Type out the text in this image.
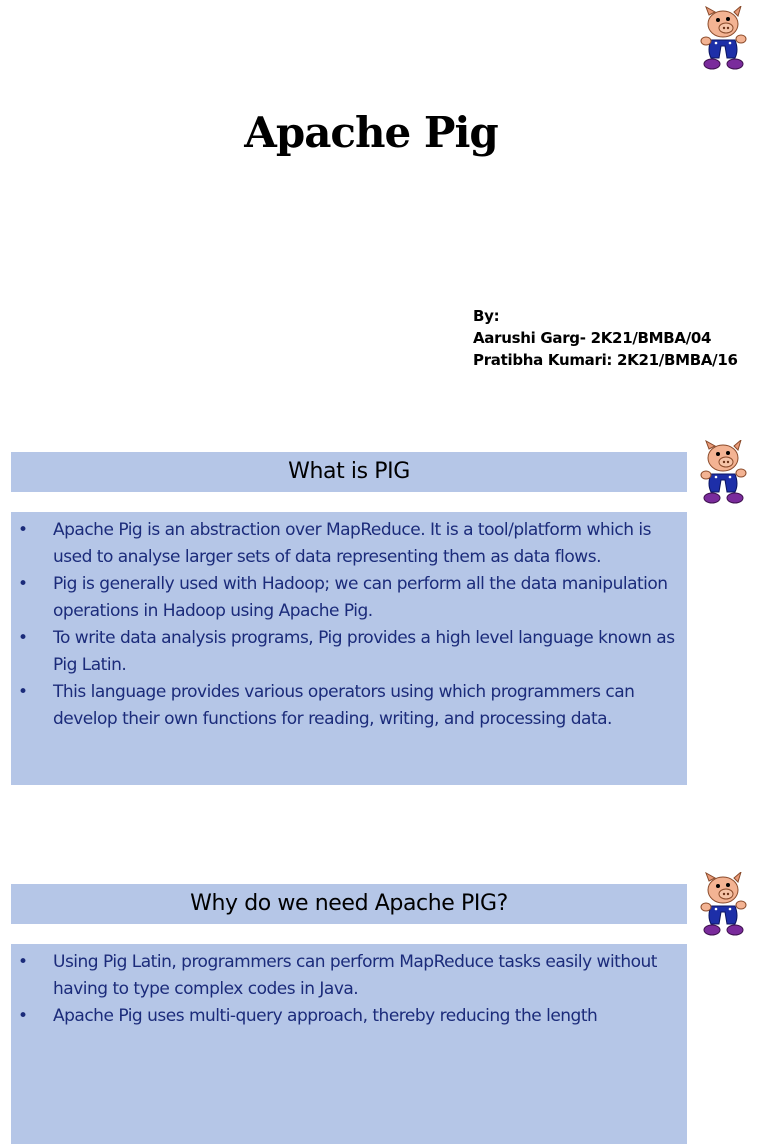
Apache Pig
By:
Aarushi Garg- 2K21/BMBA/04
Pratibha Kumari: 2K21/BMBA/16
What is PIG
• Apache Pig is an abstraction over MapReduce. It is a tool/platform which is used to analyse larger sets of data representing them as data flows.
• Pig is generally used with Hadoop; we can perform all the data manipulation operations in Hadoop using Apache Pig.
• To write data analysis programs, Pig provides a high level language known as Pig Latin.
• This language provides various operators using which programmers can develop their own functions for reading, writing, and processing data.
Why do we need Apache PIG?
• Using Pig Latin, programmers can perform MapReduce tasks easily without having to type complex codes in Java.
• Apache Pig uses multi-query approach, thereby reducing the length
